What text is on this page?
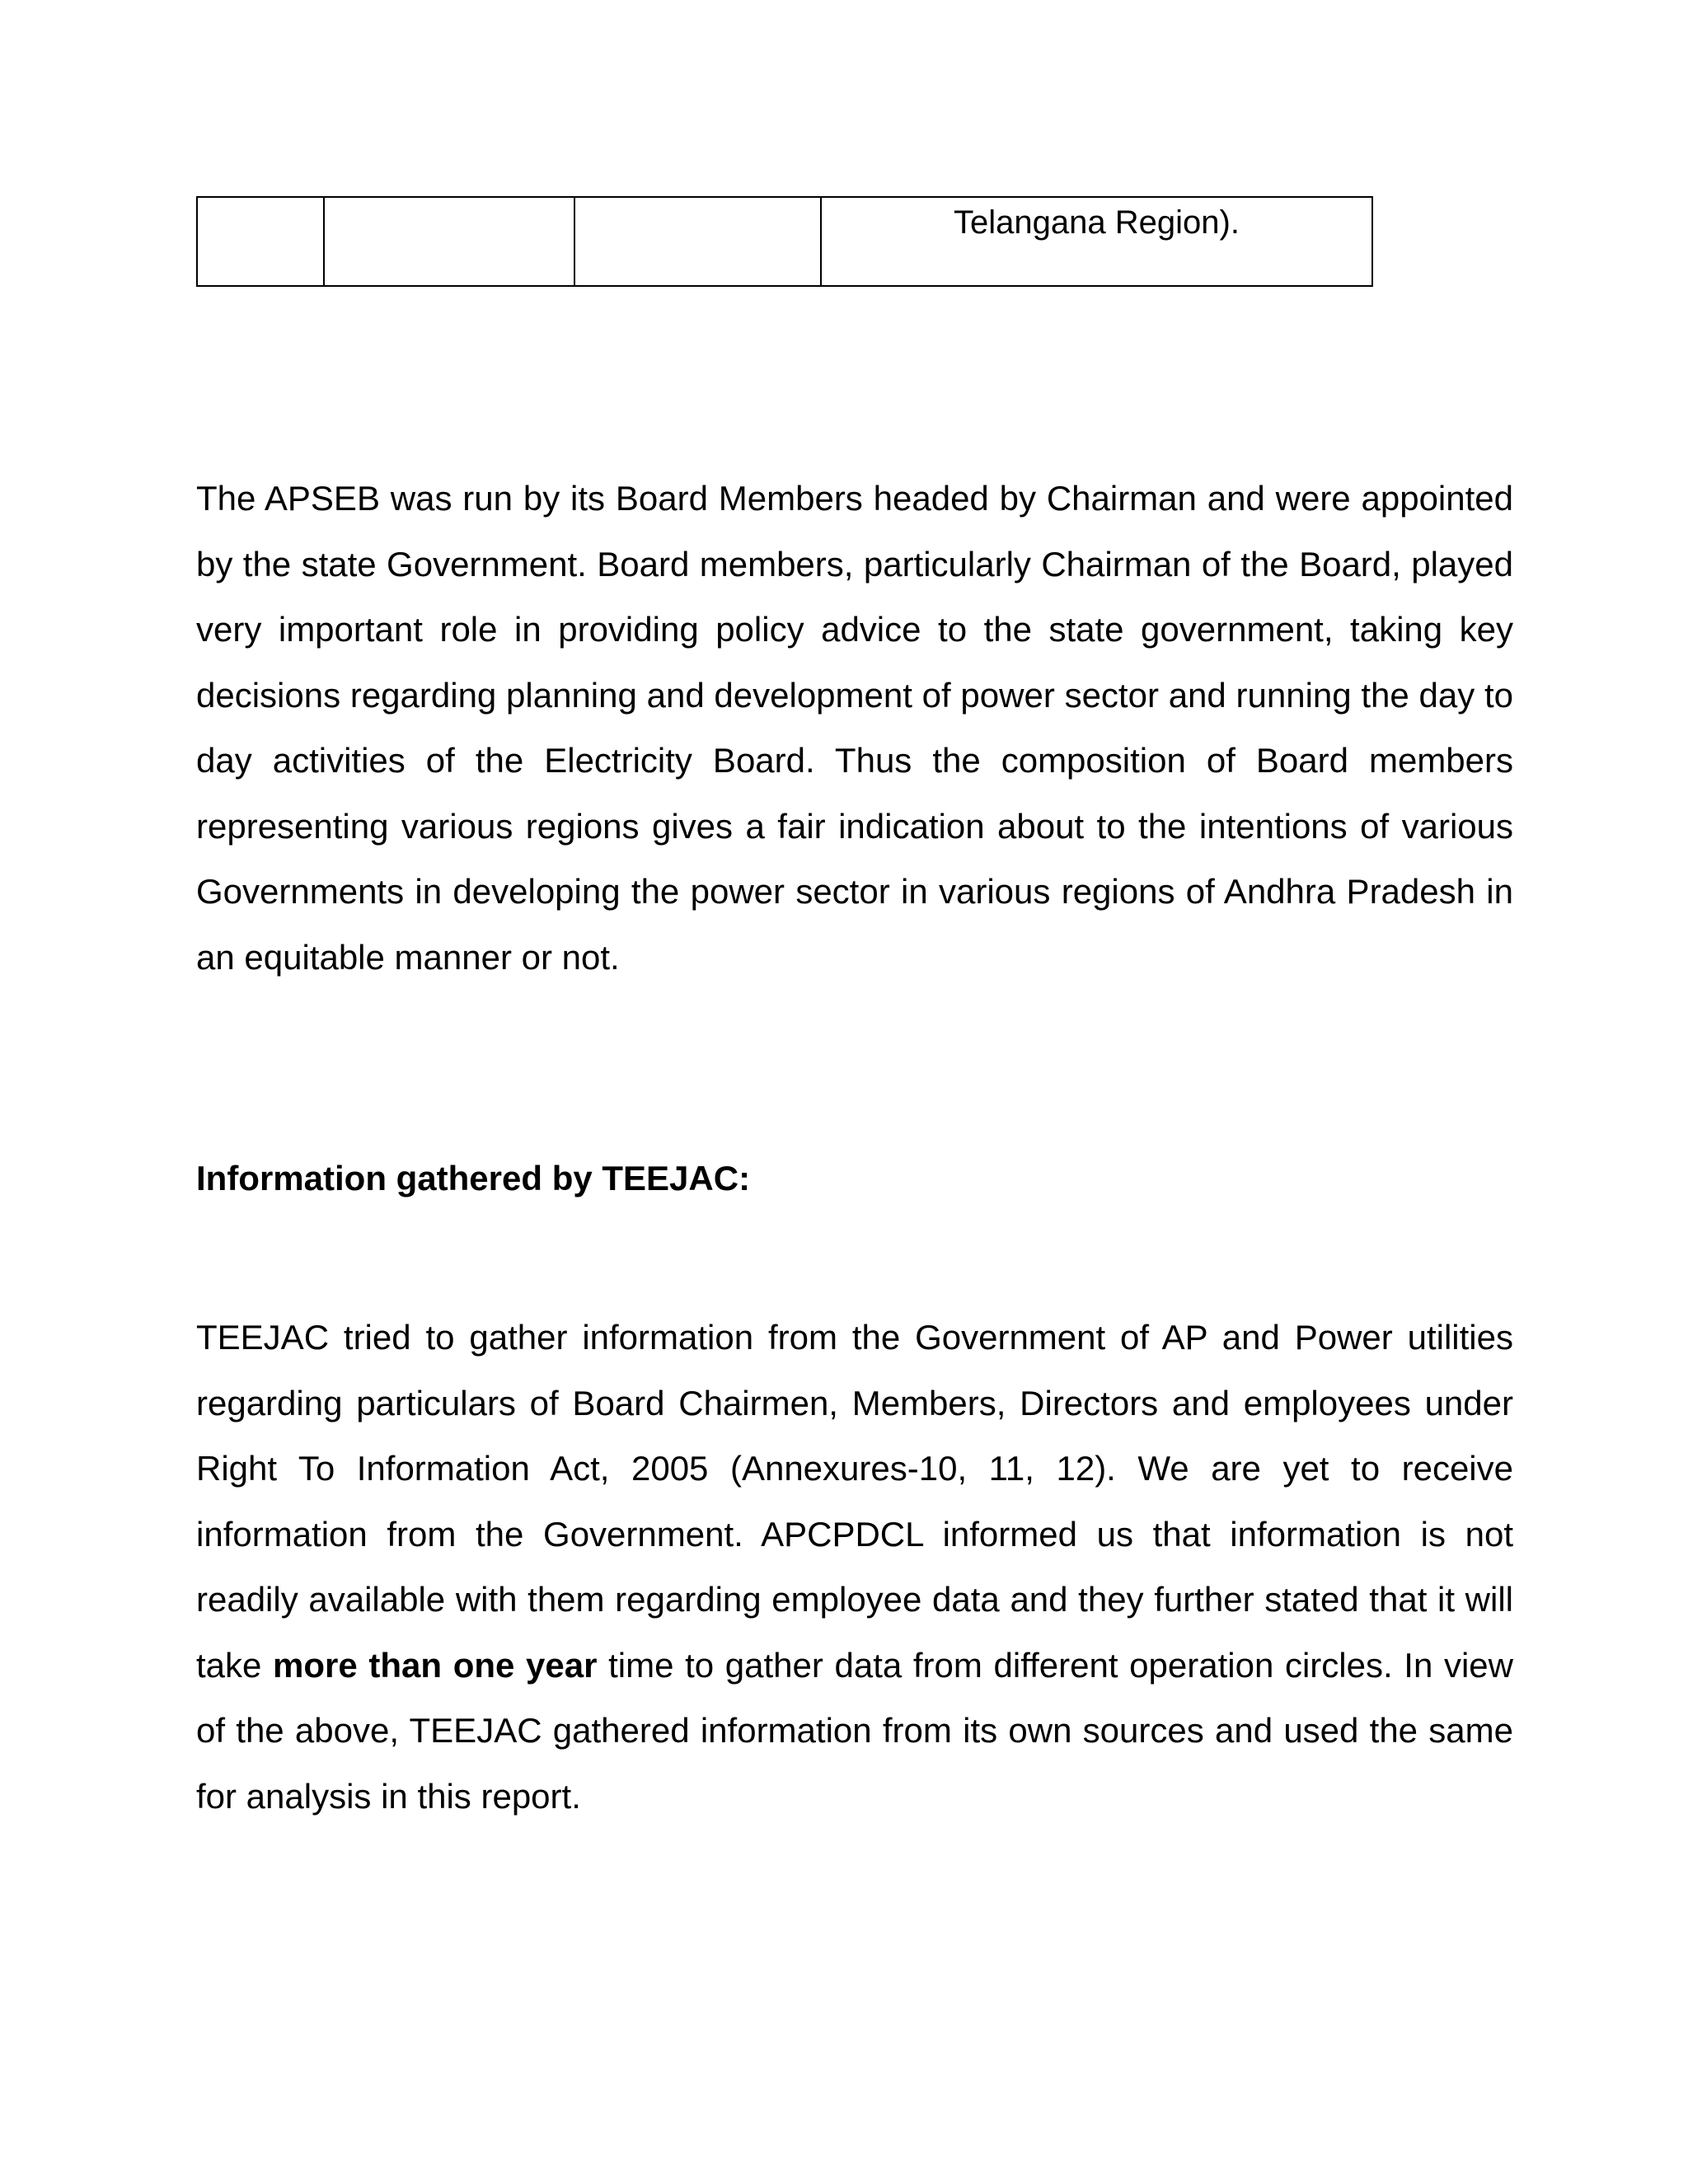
			Telangana Region).

The APSEB was run by its Board Members headed by Chairman and were appointed by the state Government. Board members, particularly Chairman of the Board, played very important role in providing policy advice to the state government, taking key decisions regarding planning and development of power sector and running the day to day activities of the Electricity Board. Thus the composition of Board members representing various regions gives a fair indication about to the intentions of various Governments in developing the power sector in various regions of Andhra Pradesh in an equitable manner or not.

Information gathered by TEEJAC:

TEEJAC tried to gather information from the Government of AP and Power utilities regarding particulars of Board Chairmen, Members, Directors and employees under Right To Information Act, 2005 (Annexures-10, 11, 12). We are yet to receive information from the Government. APCPDCL informed us that information is not readily available with them regarding employee data and they further stated that it will take more than one year time to gather data from different operation circles. In view of the above, TEEJAC gathered information from its own sources and used the same for analysis in this report.
